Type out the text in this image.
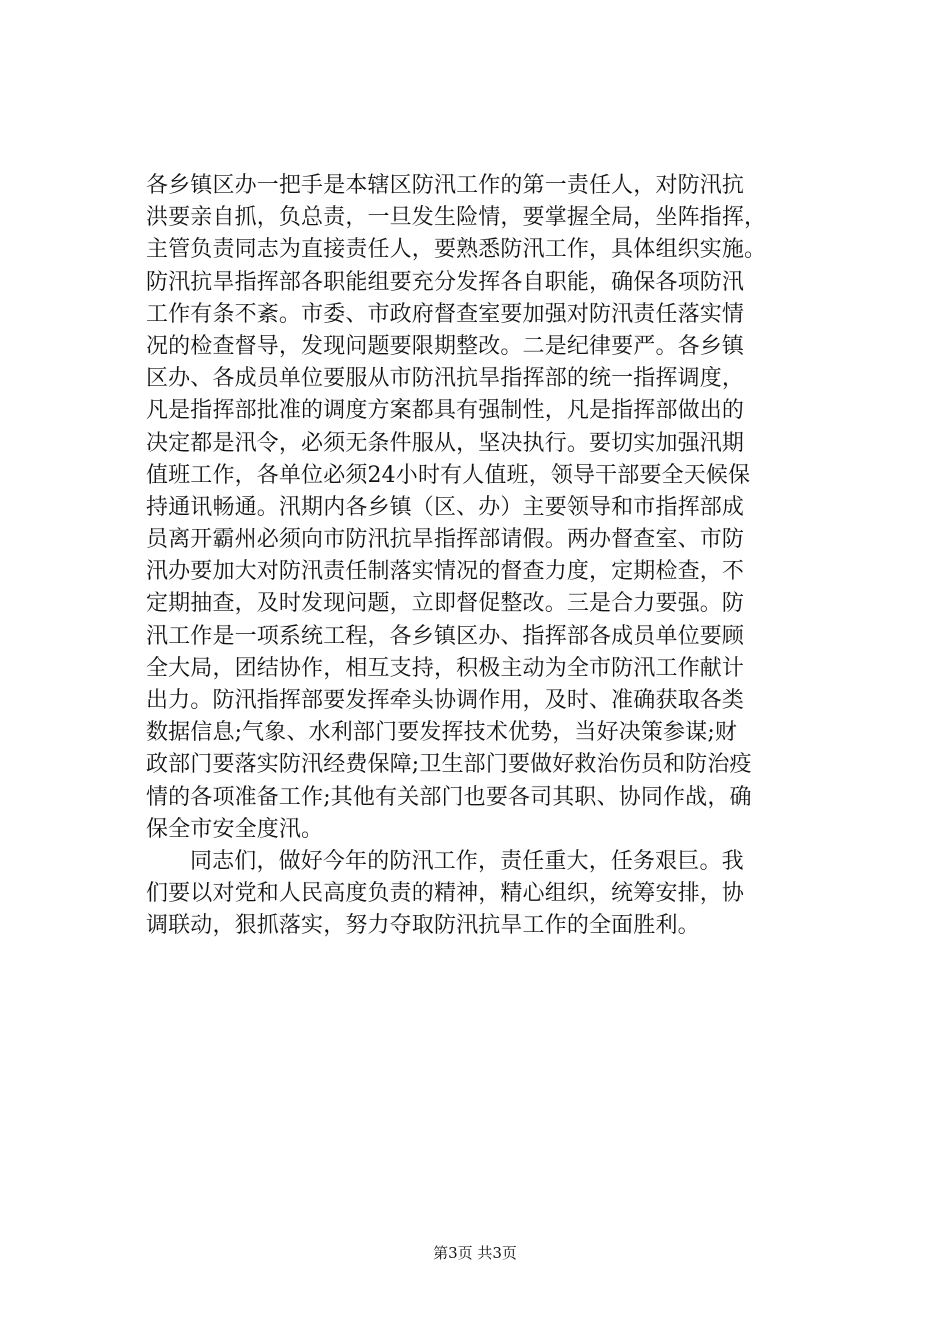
各乡镇区办一把手是本辖区防汛工作的第一责任人，对防汛抗
洪要亲自抓，负总责，一旦发生险情，要掌握全局，坐阵指挥，
主管负责同志为直接责任人，要熟悉防汛工作，具体组织实施。
防汛抗旱指挥部各职能组要充分发挥各自职能，确保各项防汛
工作有条不紊。市委、市政府督查室要加强对防汛责任落实情
况的检查督导，发现问题要限期整改。二是纪律要严。各乡镇
区办、各成员单位要服从市防汛抗旱指挥部的统一指挥调度，
凡是指挥部批准的调度方案都具有强制性，凡是指挥部做出的
决定都是汛令，必须无条件服从，坚决执行。要切实加强汛期
值班工作，各单位必须24小时有人值班，领导干部要全天候保
持通讯畅通。汛期内各乡镇（区、办）主要领导和市指挥部成
员离开霸州必须向市防汛抗旱指挥部请假。两办督查室、市防
汛办要加大对防汛责任制落实情况的督查力度，定期检查，不
定期抽查，及时发现问题，立即督促整改。三是合力要强。防
汛工作是一项系统工程，各乡镇区办、指挥部各成员单位要顾
全大局，团结协作，相互支持，积极主动为全市防汛工作献计
出力。防汛指挥部要发挥牵头协调作用，及时、准确获取各类
数据信息;气象、水利部门要发挥技术优势，当好决策参谋;财
政部门要落实防汛经费保障;卫生部门要做好救治伤员和防治疫
情的各项准备工作;其他有关部门也要各司其职、协同作战，确
保全市安全度汛。
同志们，做好今年的防汛工作，责任重大，任务艰巨。我
们要以对党和人民高度负责的精神，精心组织，统筹安排，协
调联动，狠抓落实，努力夺取防汛抗旱工作的全面胜利。
第3页 共3页
